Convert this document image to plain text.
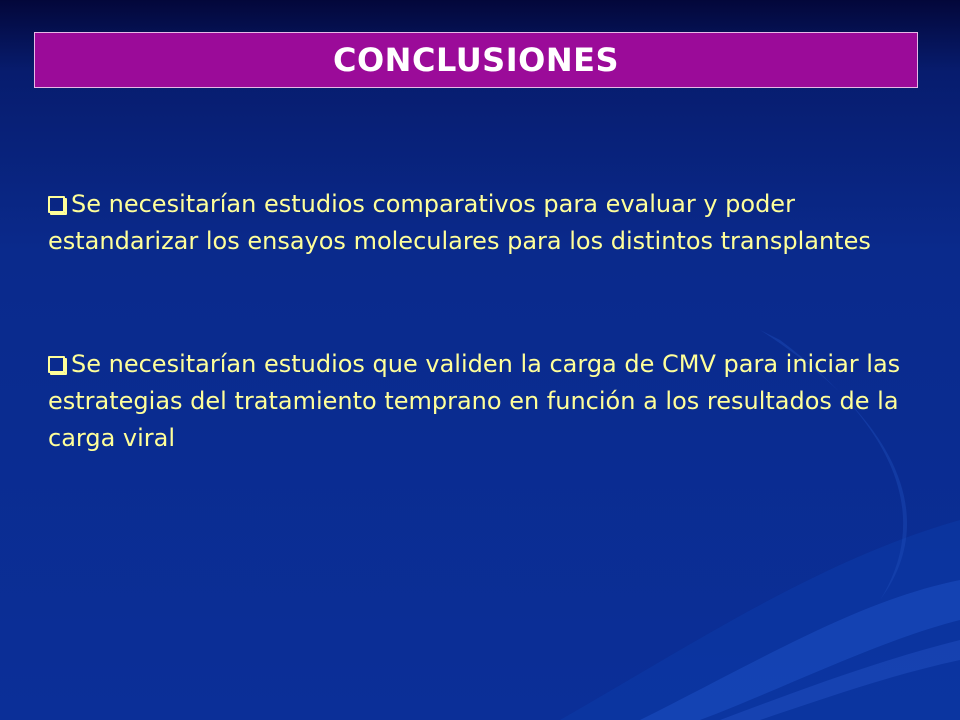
CONCLUSIONES

Se necesitarían estudios comparativos para evaluar y poder estandarizar los ensayos moleculares para los distintos transplantes

Se necesitarían estudios que validen la carga de CMV para iniciar las estrategias del tratamiento temprano en función a los resultados de la carga viral
